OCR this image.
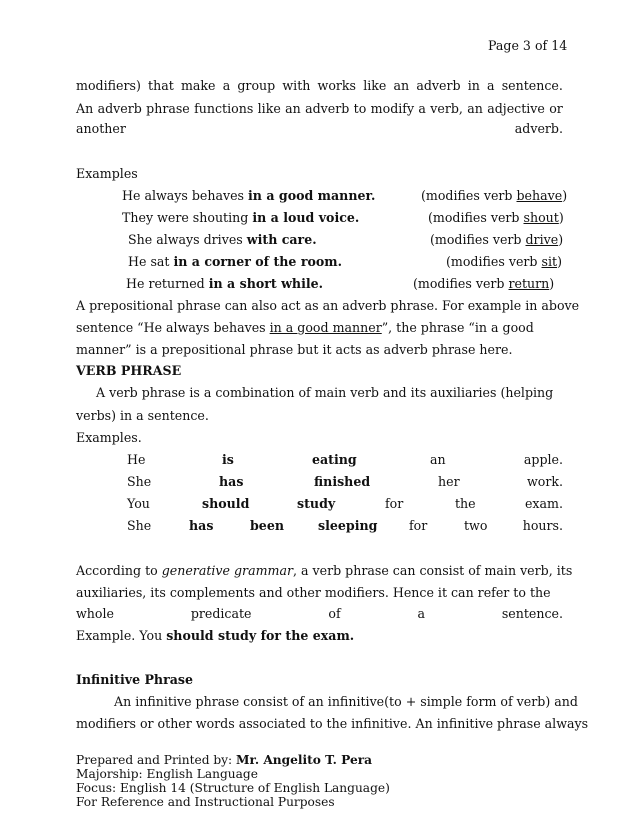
Page 3 of 14
modifiers) that make a group with works like an adverb in a sentence.
An adverb phrase functions like an adverb to modify a verb, an adjective or
another	adverb.
Examples
He always behaves in a good manner.	(modifies verb behave)
They were shouting in a loud voice.	(modifies verb shout)
She always drives with care.	(modifies verb drive)
He sat in a corner of the room.	(modifies verb sit)
He returned in a short while.	(modifies verb return)
A prepositional phrase can also act as an adverb phrase. For example in above
sentence “He always behaves in a good manner”, the phrase “in a good
manner” is a prepositional phrase but it acts as adverb phrase here.
VERB PHRASE
A verb phrase is a combination of main verb and its auxiliaries (helping
verbs) in a sentence.
Examples.
He	is	eating	an	apple.
She	has	finished	her	work.
You	should	study	for	the	exam.
She	has	been	sleeping	for	two	hours.
According to generative grammar, a verb phrase can consist of main verb, its
auxiliaries, its complements and other modifiers. Hence it can refer to the
whole	predicate	of	a	sentence.
Example. You should study for the exam.
Infinitive Phrase
An infinitive phrase consist of an infinitive(to + simple form of verb) and
modifiers or other words associated to the infinitive. An infinitive phrase always
Prepared and Printed by: Mr. Angelito T. Pera
Majorship: English Language
Focus: English 14 (Structure of English Language)
For Reference and Instructional Purposes
